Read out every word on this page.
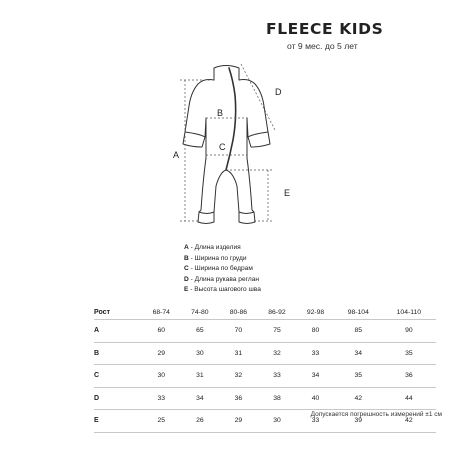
FLEECE KIDS
от 9 мес. до 5 лет
A
B
C
D
E
A - Длина изделия
B - Ширина по груди
C - Ширина по бедрам
D - Длина рукава реглан
E - Высота шагового шва
Рост	68-74	74-80	80-86	86-92	92-98	98-104	104-110
A	60	65	70	75	80	85	90
B	29	30	31	32	33	34	35
C	30	31	32	33	34	35	36
D	33	34	36	38	40	42	44
E	25	26	29	30	33	39	42
Допускается погрешность измерений ±1 см
